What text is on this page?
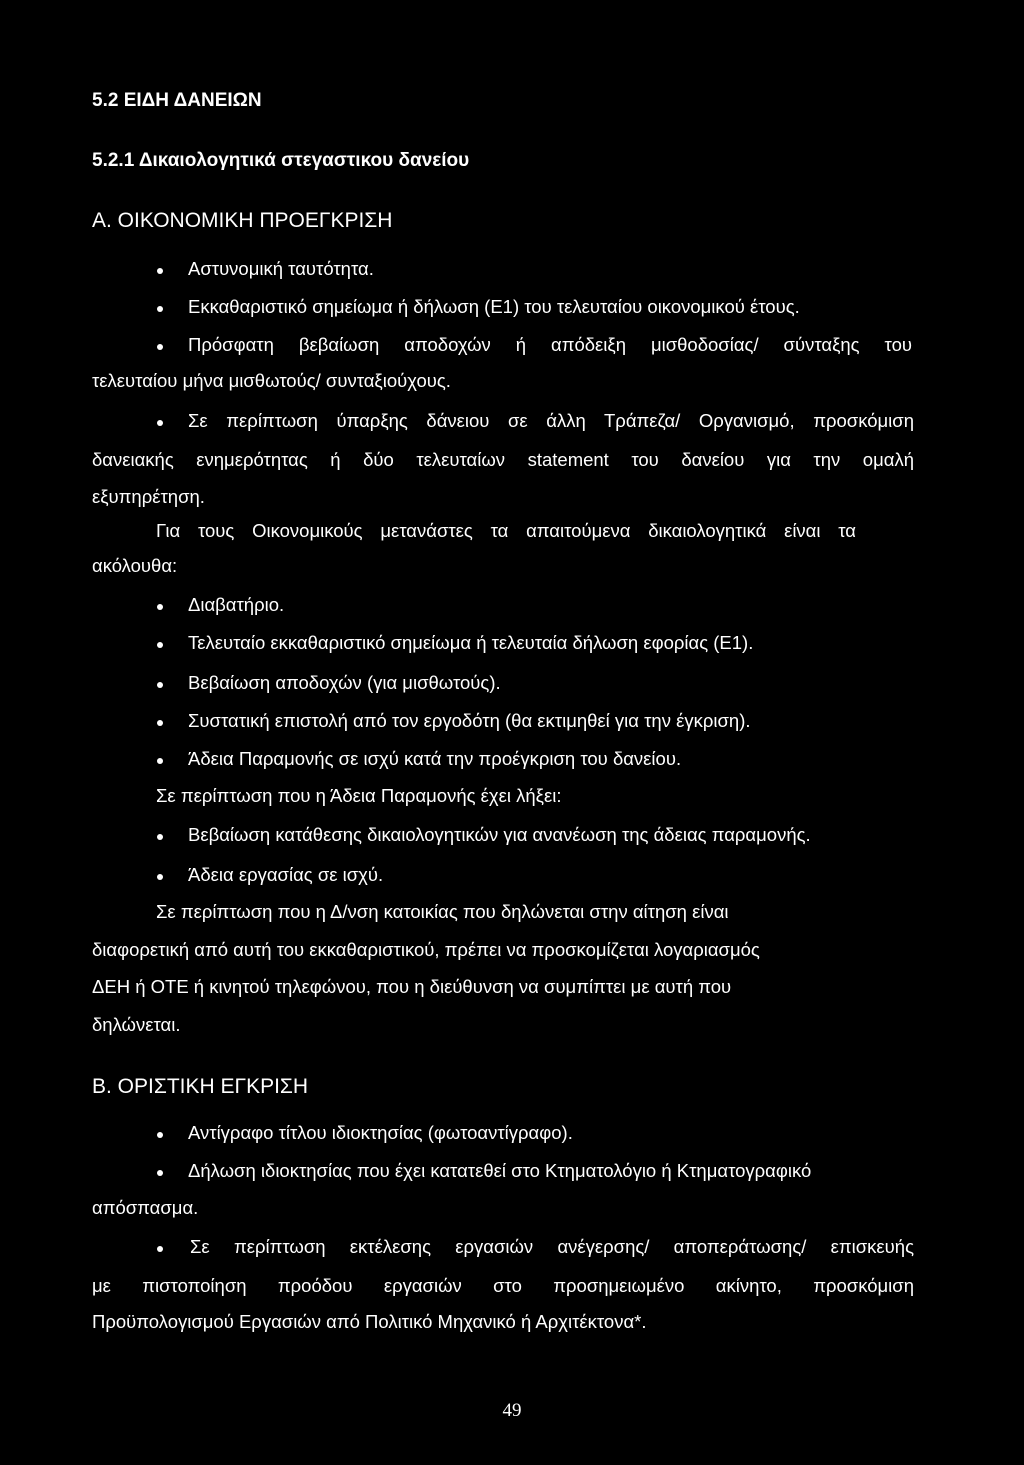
5.2 ΕΙΔΗ ΔΑΝΕΙΩΝ
5.2.1 Δικαιολογητικά στεγαστικου δανείου
Α. ΟΙΚΟΝΟΜΙΚΗ ΠΡΟΕΓΚΡΙΣΗ
Αστυνομική ταυτότητα.
Εκκαθαριστικό σημείωμα ή δήλωση (Ε1) του τελευταίου οικονομικού έτους.
Πρόσφατη βεβαίωση αποδοχών ή απόδειξη μισθοδοσίας/ σύνταξης του
τελευταίου μήνα μισθωτούς/ συνταξιούχους.
Σε περίπτωση ύπαρξης δάνειου σε άλλη Τράπεζα/ Οργανισμό, προσκόμιση
δανειακής ενημερότητας ή δύο τελευταίων statement του δανείου για την ομαλή
εξυπηρέτηση.
Για τους Οικονομικούς μετανάστες τα απαιτούμενα δικαιολογητικά είναι τα
ακόλουθα:
Διαβατήριο.
Τελευταίο εκκαθαριστικό σημείωμα ή τελευταία δήλωση εφορίας (Ε1).
Βεβαίωση αποδοχών (για μισθωτούς).
Συστατική επιστολή από τον εργοδότη (θα εκτιμηθεί για την έγκριση).
Άδεια Παραμονής σε ισχύ κατά την προέγκριση του δανείου.
Σε περίπτωση που η Άδεια Παραμονής έχει λήξει:
Βεβαίωση κατάθεσης δικαιολογητικών για ανανέωση της άδειας παραμονής.
Άδεια εργασίας σε ισχύ.
Σε περίπτωση που η Δ/νση κατοικίας που δηλώνεται στην αίτηση είναι
διαφορετική από αυτή του εκκαθαριστικού, πρέπει να προσκομίζεται λογαριασμός
ΔΕΗ ή ΟΤΕ ή κινητού τηλεφώνου, που η διεύθυνση να συμπίπτει με αυτή που
δηλώνεται.
Β. ΟΡΙΣΤΙΚΗ ΕΓΚΡΙΣΗ
Αντίγραφο τίτλου ιδιοκτησίας (φωτοαντίγραφο).
Δήλωση ιδιοκτησίας που έχει κατατεθεί στο Κτηματολόγιο ή Κτηματογραφικό
απόσπασμα.
Σε περίπτωση εκτέλεσης εργασιών ανέγερσης/ αποπεράτωσης/ επισκευής
με πιστοποίηση προόδου εργασιών στο προσημειωμένο ακίνητο, προσκόμιση
Προϋπολογισμού Εργασιών από Πολιτικό Μηχανικό ή Αρχιτέκτονα*.
49
